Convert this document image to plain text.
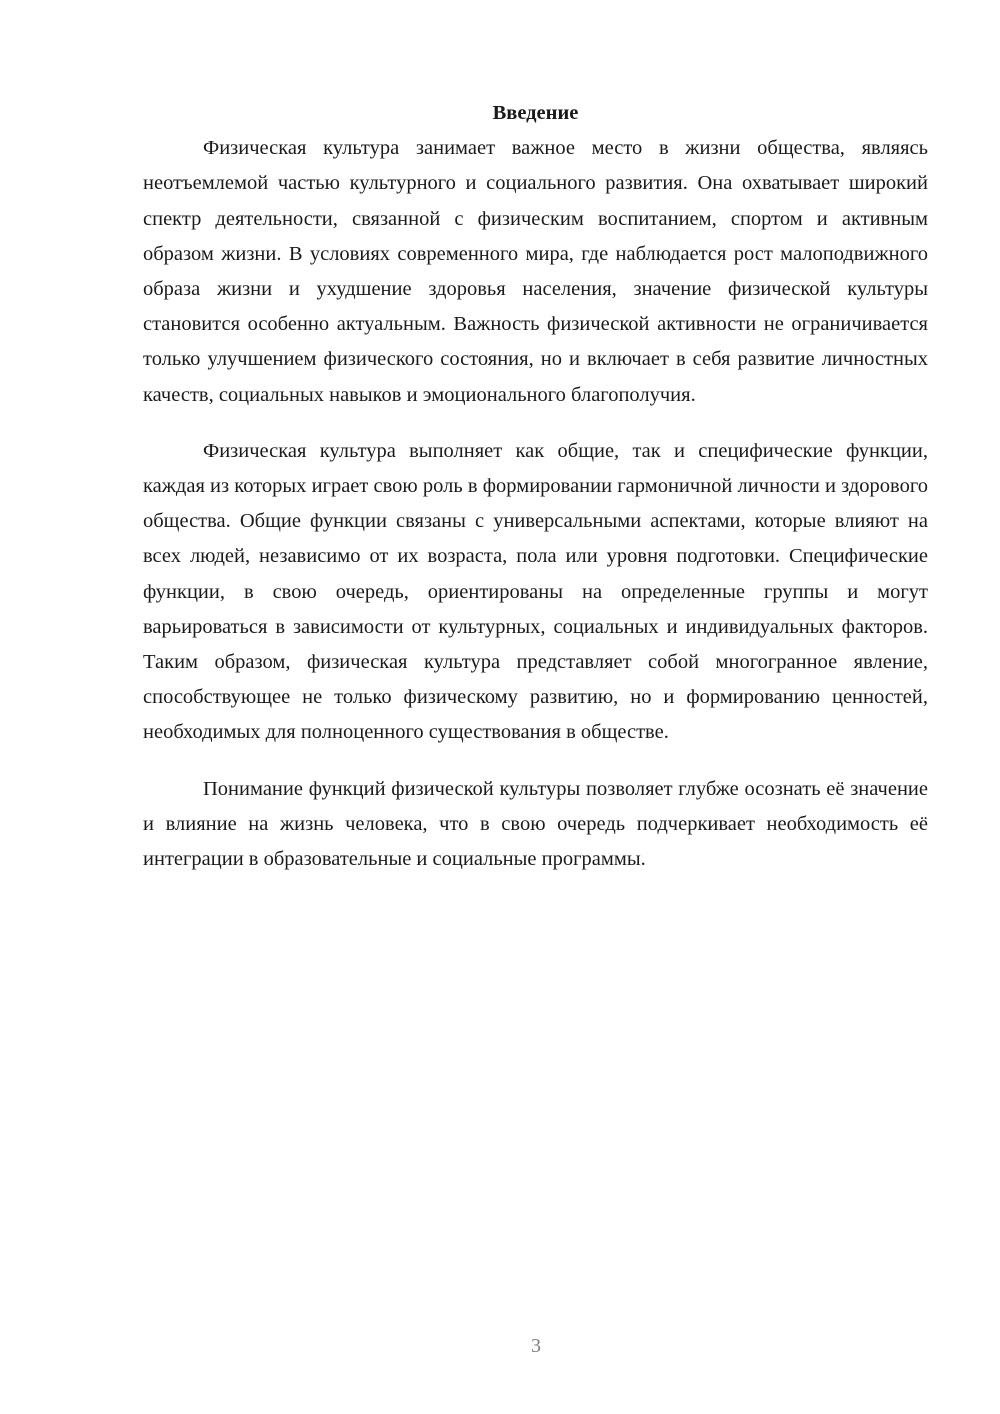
Введение

Физическая культура занимает важное место в жизни общества, являясь неотъемлемой частью культурного и социального развития. Она охватывает широкий спектр деятельности, связанной с физическим воспитанием, спортом и активным образом жизни. В условиях современного мира, где наблюдается рост малоподвижного образа жизни и ухудшение здоровья населения, значение физической культуры становится особенно актуальным. Важность физической активности не ограничивается только улучшением физического состояния, но и включает в себя развитие личностных качеств, социальных навыков и эмоционального благополучия.

Физическая культура выполняет как общие, так и специфические функции, каждая из которых играет свою роль в формировании гармоничной личности и здорового общества. Общие функции связаны с универсальными аспектами, которые влияют на всех людей, независимо от их возраста, пола или уровня подготовки. Специфические функции, в свою очередь, ориентированы на определенные группы и могут варьироваться в зависимости от культурных, социальных и индивидуальных факторов. Таким образом, физическая культура представляет собой многогранное явление, способствующее не только физическому развитию, но и формированию ценностей, необходимых для полноценного существования в обществе.

Понимание функций физической культуры позволяет глубже осознать её значение и влияние на жизнь человека, что в свою очередь подчеркивает необходимость её интеграции в образовательные и социальные программы.

3
